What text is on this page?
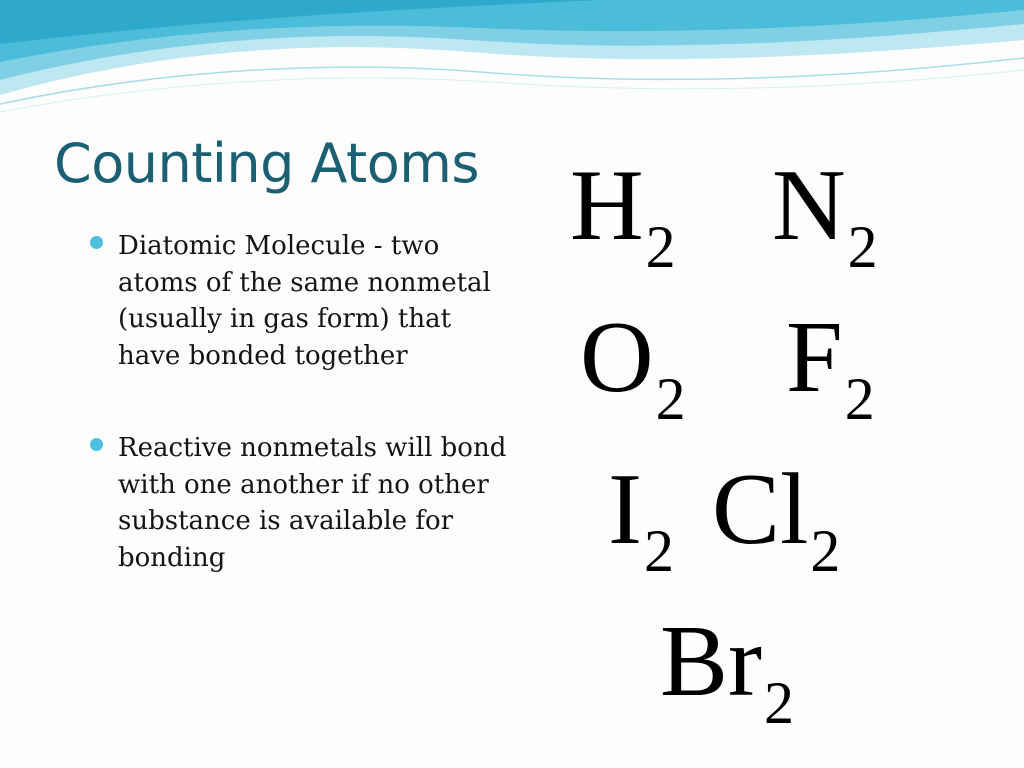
Counting Atoms
Diatomic Molecule - two atoms of the same nonmetal (usually in gas form) that have bonded together
Reactive nonmetals will bond with one another if no other substance is available for bonding
H2 N2
O2 F2
I2 Cl2
Br2
